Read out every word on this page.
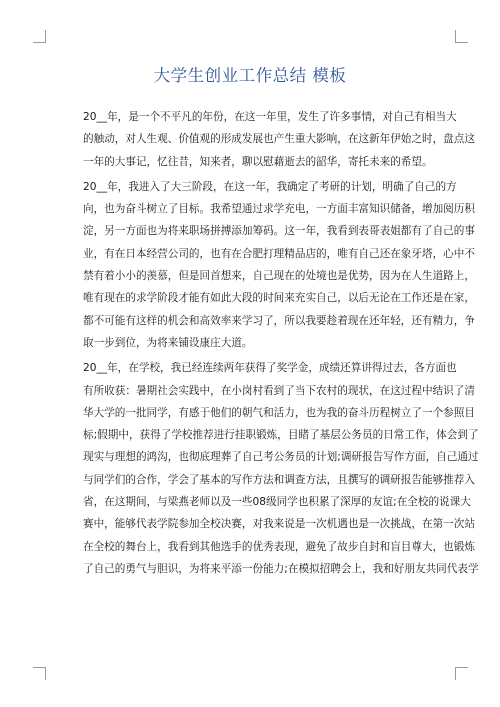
大学生创业工作总结 模板

20__年，是一个不平凡的年份，在这一年里，发生了许多事情，对自己有相当大
的触动，对人生观、价值观的形成发展也产生重大影响，在这新年伊始之时，盘点这
一年的大事记，忆往昔，知来者，聊以慰藉逝去的韶华，寄托未来的希望。

20__年，我进入了大三阶段，在这一年，我确定了考研的计划，明确了自己的方
向，也为奋斗树立了目标。我希望通过求学充电，一方面丰富知识储备，增加阅历积
淀，另一方面也为将来职场拼搏添加筹码。这一年，我看到表哥表姐都有了自己的事
业，有在日本经营公司的，也有在合肥打理精品店的，唯有自己还在象牙塔，心中不
禁有着小小的羡慕，但是回首想来，自己现在的处境也是优势，因为在人生道路上，
唯有现在的求学阶段才能有如此大段的时间来充实自己，以后无论在工作还是在家，
都不可能有这样的机会和高效率来学习了，所以我要趁着现在还年轻，还有精力，争
取一步到位，为将来铺设康庄大道。

20__年，在学校，我已经连续两年获得了奖学金，成绩还算讲得过去，各方面也
有所收获：暑期社会实践中，在小岗村看到了当下农村的现状，在这过程中结识了清
华大学的一批同学，有感于他们的朝气和活力，也为我的奋斗历程树立了一个参照目
标;假期中，获得了学校推荐进行挂职锻炼，目睹了基层公务员的日常工作，体会到了
现实与理想的鸿沟，也彻底理葬了自己考公务员的计划;调研报告写作方面，自己通过
与同学们的合作，学会了基本的写作方法和调查方法，且撰写的调研报告能够推荐入
省，在这期间，与梁燕老师以及一些08级同学也积累了深厚的友谊;在全校的说课大
赛中，能够代表学院参加全校决赛，对我来说是一次机遇也是一次挑战，在第一次站
在全校的舞台上，我看到其他选手的优秀表现，避免了故步自封和盲目尊大，也锻炼
了自己的勇气与胆识，为将来平添一份能力;在模拟招聘会上，我和好朋友共同代表学
